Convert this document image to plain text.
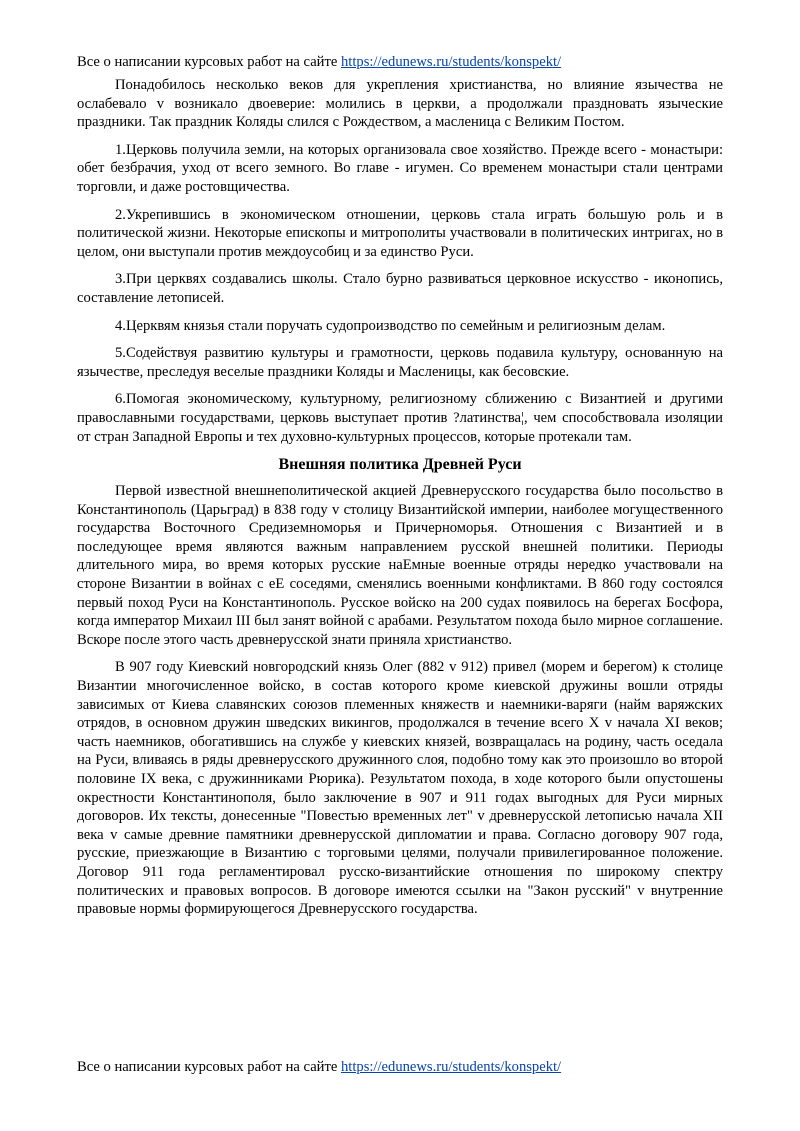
Все о написании курсовых работ на сайте https://edunews.ru/students/konspekt/

Понадобилось несколько веков для укрепления христианства, но влияние язычества не ослабевало v возникало двоеверие: молились в церкви, а продолжали праздновать языческие праздники. Так праздник Коляды слился с Рождеством, а масленица с Великим Постом.

1.Церковь получила земли, на которых организовала свое хозяйство. Прежде всего - монастыри: обет безбрачия, уход от всего земного. Во главе - игумен. Со временем монастыри стали центрами торговли, и даже ростовщичества.

2.Укрепившись в экономическом отношении, церковь стала играть большую роль и в политической жизни. Некоторые епископы и митрополиты участвовали в политических интригах, но в целом, они выступали против междоусобиц и за единство Руси.

3.При церквях создавались школы. Стало бурно развиваться церковное искусство - иконопись, составление летописей.

4.Церквям князья стали поручать судопроизводство по семейным и религиозным делам.

5.Содействуя развитию культуры и грамотности, церковь подавила культуру, основанную на язычестве, преследуя веселые праздники Коляды и Масленицы, как бесовские.

6.Помогая экономическому, культурному, религиозному сближению с Византией и другими православными государствами, церковь выступает против ?латинства¦, чем способствовала изоляции от стран Западной Европы и тех духовно-культурных процессов, которые протекали там.

Внешняя политика Древней Руси

Первой известной внешнеполитической акцией Древнерусского государства было посольство в Константинополь (Царьград) в 838 году v столицу Византийской империи, наиболее могущественного государства Восточного Средиземноморья и Причерноморья. Отношения с Византией и в последующее время являются важным направлением русской внешней политики. Периоды длительного мира, во время которых русские наЕмные военные отряды нередко участвовали на стороне Византии в войнах с еЕ соседями, сменялись военными конфликтами. В 860 году состоялся первый поход Руси на Константинополь. Русское войско на 200 судах появилось на берегах Босфора, когда император Михаил III был занят войной с арабами. Результатом похода было мирное соглашение. Вскоре после этого часть древнерусской знати приняла христианство.

В 907 году Киевский новгородский князь Олег (882 v 912) привел (морем и берегом) к столице Византии многочисленное войско, в состав которого кроме киевской дружины вошли отряды зависимых от Киева славянских союзов племенных княжеств и наемники-варяги (найм варяжских отрядов, в основном дружин шведских викингов, продолжался в течение всего X v начала XI веков; часть наемников, обогатившись на службе у киевских князей, возвращалась на родину, часть оседала на Руси, вливаясь в ряды древнерусского дружинного слоя, подобно тому как это произошло во второй половине IX века, с дружинниками Рюрика). Результатом похода, в ходе которого были опустошены окрестности Константинополя, было заключение в 907 и 911 годах выгодных для Руси мирных договоров. Их тексты, донесенные "Повестью временных лет" v древнерусской летописью начала XII века v самые древние памятники древнерусской дипломатии и права. Согласно договору 907 года, русские, приезжающие в Византию с торговыми целями, получали привилегированное положение. Договор 911 года регламентировал русско-византийские отношения по широкому спектру политических и правовых вопросов. В договоре имеются ссылки на "Закон русский" v внутренние правовые нормы формирующегося Древнерусского государства.

Все о написании курсовых работ на сайте https://edunews.ru/students/konspekt/
